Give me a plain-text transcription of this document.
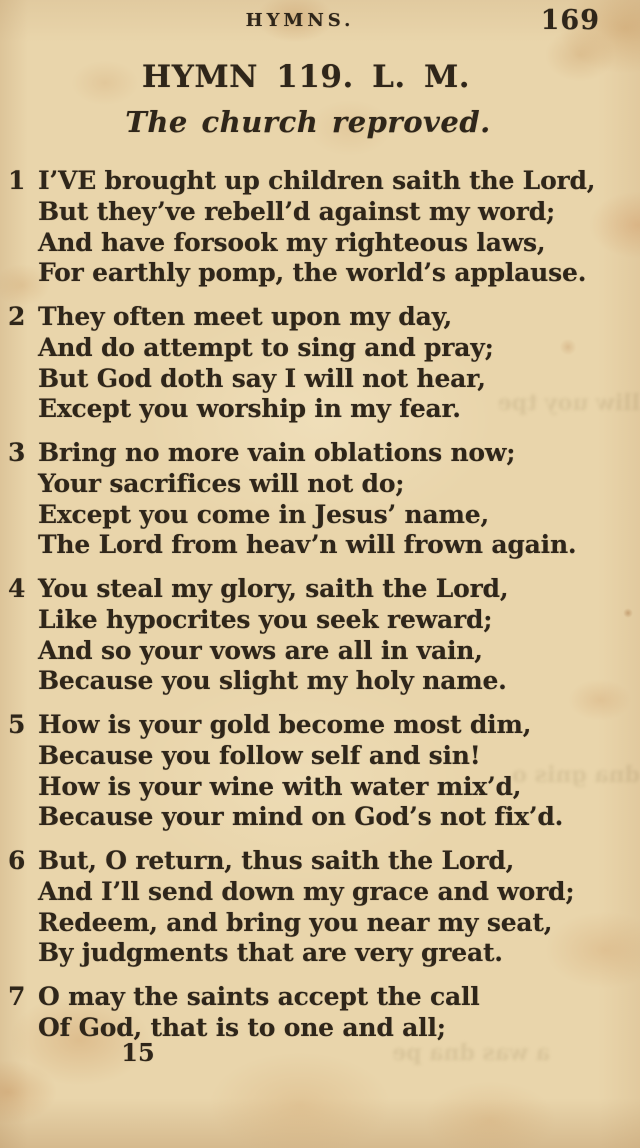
HYMNS.	169
HYMN 119. L. M.
The church reproved.
1 I’VE brought up children saith the Lord,
But they’ve rebell’d against my word;
And have forsook my righteous laws,
For earthly pomp, the world’s applause.
2 They often meet upon my day,
And do attempt to sing and pray;
But God doth say I will not hear,
Except you worship in my fear.
3 Bring no more vain oblations now;
Your sacrifices will not do;
Except you come in Jesus’ name,
The Lord from heav’n will frown again.
4 You steal my glory, saith the Lord,
Like hypocrites you seek reward;
And so your vows are all in vain,
Because you slight my holy name.
5 How is your gold become most dim,
Because you follow self and sin!
How is your wine with water mix’d,
Because your mind on God’s not fix’d.
6 But, O return, thus saith the Lord,
And I’ll send down my grace and word;
Redeem, and bring you near my seat,
By judgments that are very great.
7 O may the saints accept the call
Of God, that is to one and all;
15
lliw uoy tpe
dna gnis o
a was dna pe
